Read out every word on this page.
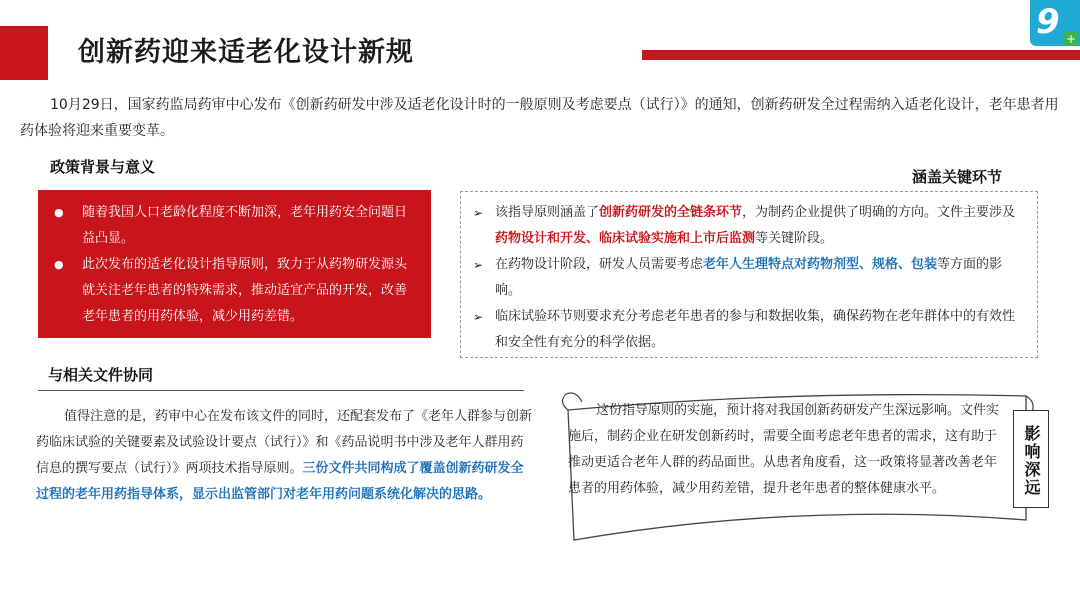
创新药迎来适老化设计新规
9 +
10月29日，国家药监局药审中心发布《创新药研发中涉及适老化设计时的一般原则及考虑要点（试行）》的通知，创新药研发全过程需纳入适老化设计，老年患者用药体验将迎来重要变革。
政策背景与意义
● 随着我国人口老龄化程度不断加深，老年用药安全问题日益凸显。
● 此次发布的适老化设计指导原则，致力于从药物研发源头就关注老年患者的特殊需求，推动适宜产品的开发，改善老年患者的用药体验，减少用药差错。
涵盖关键环节
➢ 该指导原则涵盖了创新药研发的全链条环节，为制药企业提供了明确的方向。文件主要涉及药物设计和开发、临床试验实施和上市后监测等关键阶段。
➢ 在药物设计阶段，研发人员需要考虑老年人生理特点对药物剂型、规格、包装等方面的影响。
➢ 临床试验环节则要求充分考虑老年患者的参与和数据收集，确保药物在老年群体中的有效性和安全性有充分的科学依据。
与相关文件协同
值得注意的是，药审中心在发布该文件的同时，还配套发布了《老年人群参与创新药临床试验的关键要素及试验设计要点（试行）》和《药品说明书中涉及老年人群用药信息的撰写要点（试行）》两项技术指导原则。三份文件共同构成了覆盖创新药研发全过程的老年用药指导体系，显示出监管部门对老年用药问题系统化解决的思路。
这份指导原则的实施，预计将对我国创新药研发产生深远影响。文件实施后，制药企业在研发创新药时，需要全面考虑老年患者的需求，这有助于推动更适合老年人群的药品面世。从患者角度看，这一政策将显著改善老年患者的用药体验，减少用药差错，提升老年患者的整体健康水平。	影响深远
